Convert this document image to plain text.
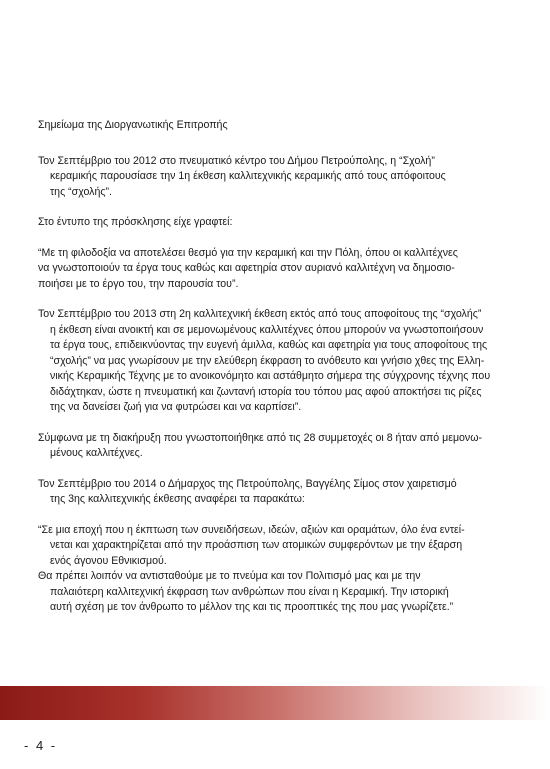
Σημείωμα της Διοργανωτικής Επιτροπής

Τον Σεπτέμβριο του 2012 στο πνευματικό κέντρο του Δήμου Πετρούπολης, η “Σχολή”
κεραμικής παρουσίασε την 1η έκθεση καλλιτεχνικής κεραμικής από τους απόφοιτους
της “σχολής”.

Στο έντυπο της πρόσκλησης είχε γραφτεί:

“Με τη φιλοδοξία να αποτελέσει θεσμό για την κεραμική και την Πόλη, όπου οι καλλιτέχνες
να γνωστοποιούν τα έργα τους καθώς και αφετηρία στον αυριανό καλλιτέχνη να δημοσιο-
ποιήσει με το έργο του, την παρουσία του”.

Τον Σεπτέμβριο του 2013 στη 2η καλλιτεχνική έκθεση εκτός από τους αποφοίτους της “σχολής”
η έκθεση είναι ανοικτή και σε μεμονωμένους καλλιτέχνες όπου μπορούν να γνωστοποιήσουν
τα έργα τους, επιδεικνύοντας την ευγενή άμιλλα, καθώς και αφετηρία για τους αποφοίτους της
“σχολής” να μας γνωρίσουν με την ελεύθερη έκφραση το ανόθευτο και γνήσιο χθες της Ελλη-
νικής Κεραμικής Τέχνης με το ανοικονόμητο και αστάθμητο σήμερα της σύγχρονης τέχνης που
διδάχτηκαν, ώστε η πνευματική και ζωντανή ιστορία του τόπου μας αφού αποκτήσει τις ρίζες
της να δανείσει ζωή για να φυτρώσει και να καρπίσει”.

Σύμφωνα με τη διακήρυξη που γνωστοποιήθηκε από τις 28 συμμετοχές οι 8 ήταν από μεμονω-
μένους καλλιτέχνες.

Τον Σεπτέμβριο του 2014 ο Δήμαρχος της Πετρούπολης, Βαγγέλης Σίμος στον χαιρετισμό
της 3ης καλλιτεχνικής έκθεσης αναφέρει τα παρακάτω:

“Σε μια εποχή που η έκπτωση των συνειδήσεων, ιδεών, αξιών και οραμάτων, όλο ένα εντεί-
νεται και χαρακτηρίζεται από την προάσπιση των ατομικών συμφερόντων με την έξαρση
ενός άγονου Εθνικισμού.

Θα πρέπει λοιπόν να αντισταθούμε με το πνεύμα και τον Πολιτισμό μας και με την
παλαιότερη καλλιτεχνική έκφραση των ανθρώπων που είναι η Κεραμική. Την ιστορική
αυτή σχέση με τον άνθρωπο το μέλλον της και τις προοπτικές της που μας γνωρίζετε.”

- 4 -
